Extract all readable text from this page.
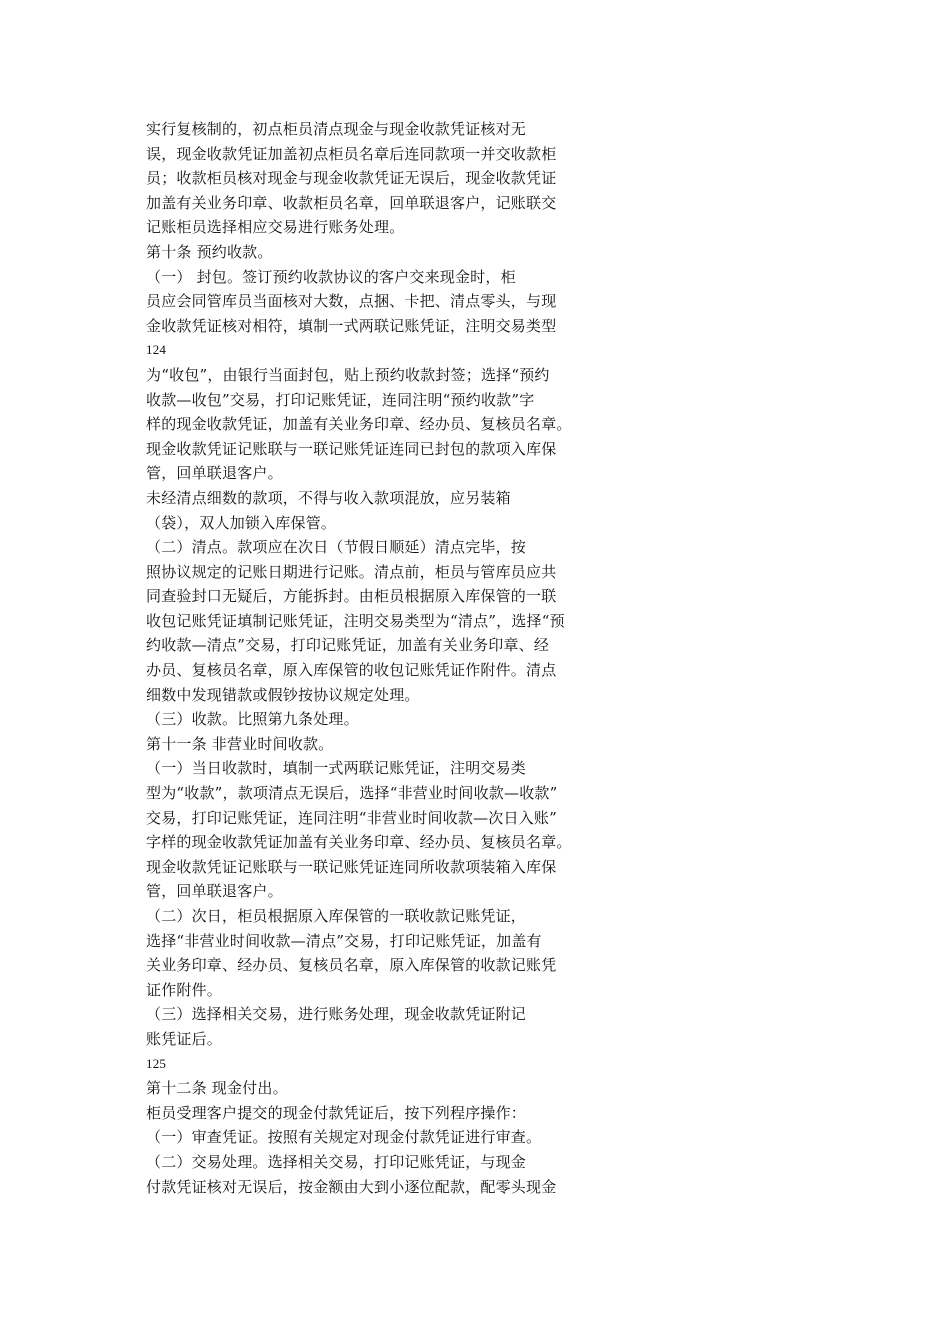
实行复核制的，初点柜员清点现金与现金收款凭证核对无
误，现金收款凭证加盖初点柜员名章后连同款项一并交收款柜
员；收款柜员核对现金与现金收款凭证无误后，现金收款凭证
加盖有关业务印章、收款柜员名章，回单联退客户，记账联交
记账柜员选择相应交易进行账务处理。
第十条 预约收款。
（一） 封包。签订预约收款协议的客户交来现金时，柜
员应会同管库员当面核对大数，点捆、卡把、清点零头，与现
金收款凭证核对相符，填制一式两联记账凭证，注明交易类型
124
为“收包”，由银行当面封包，贴上预约收款封签；选择“预约
收款—收包”交易，打印记账凭证，连同注明“预约收款”字
样的现金收款凭证，加盖有关业务印章、经办员、复核员名章。
现金收款凭证记账联与一联记账凭证连同已封包的款项入库保
管，回单联退客户。
未经清点细数的款项，不得与收入款项混放，应另装箱
（袋），双人加锁入库保管。
（二）清点。款项应在次日（节假日顺延）清点完毕，按
照协议规定的记账日期进行记账。清点前，柜员与管库员应共
同查验封口无疑后，方能拆封。由柜员根据原入库保管的一联
收包记账凭证填制记账凭证，注明交易类型为“清点”，选择“预
约收款—清点”交易，打印记账凭证，加盖有关业务印章、经
办员、复核员名章，原入库保管的收包记账凭证作附件。清点
细数中发现错款或假钞按协议规定处理。
（三）收款。比照第九条处理。
第十一条 非营业时间收款。
（一）当日收款时，填制一式两联记账凭证，注明交易类
型为“收款”，款项清点无误后，选择“非营业时间收款—收款”
交易，打印记账凭证，连同注明“非营业时间收款—次日入账”
字样的现金收款凭证加盖有关业务印章、经办员、复核员名章。
现金收款凭证记账联与一联记账凭证连同所收款项装箱入库保
管，回单联退客户。
（二）次日，柜员根据原入库保管的一联收款记账凭证，
选择“非营业时间收款—清点”交易，打印记账凭证，加盖有
关业务印章、经办员、复核员名章，原入库保管的收款记账凭
证作附件。
（三）选择相关交易，进行账务处理，现金收款凭证附记
账凭证后。
125
第十二条 现金付出。
柜员受理客户提交的现金付款凭证后，按下列程序操作：
（一）审查凭证。按照有关规定对现金付款凭证进行审查。
（二）交易处理。选择相关交易，打印记账凭证，与现金
付款凭证核对无误后，按金额由大到小逐位配款，配零头现金
